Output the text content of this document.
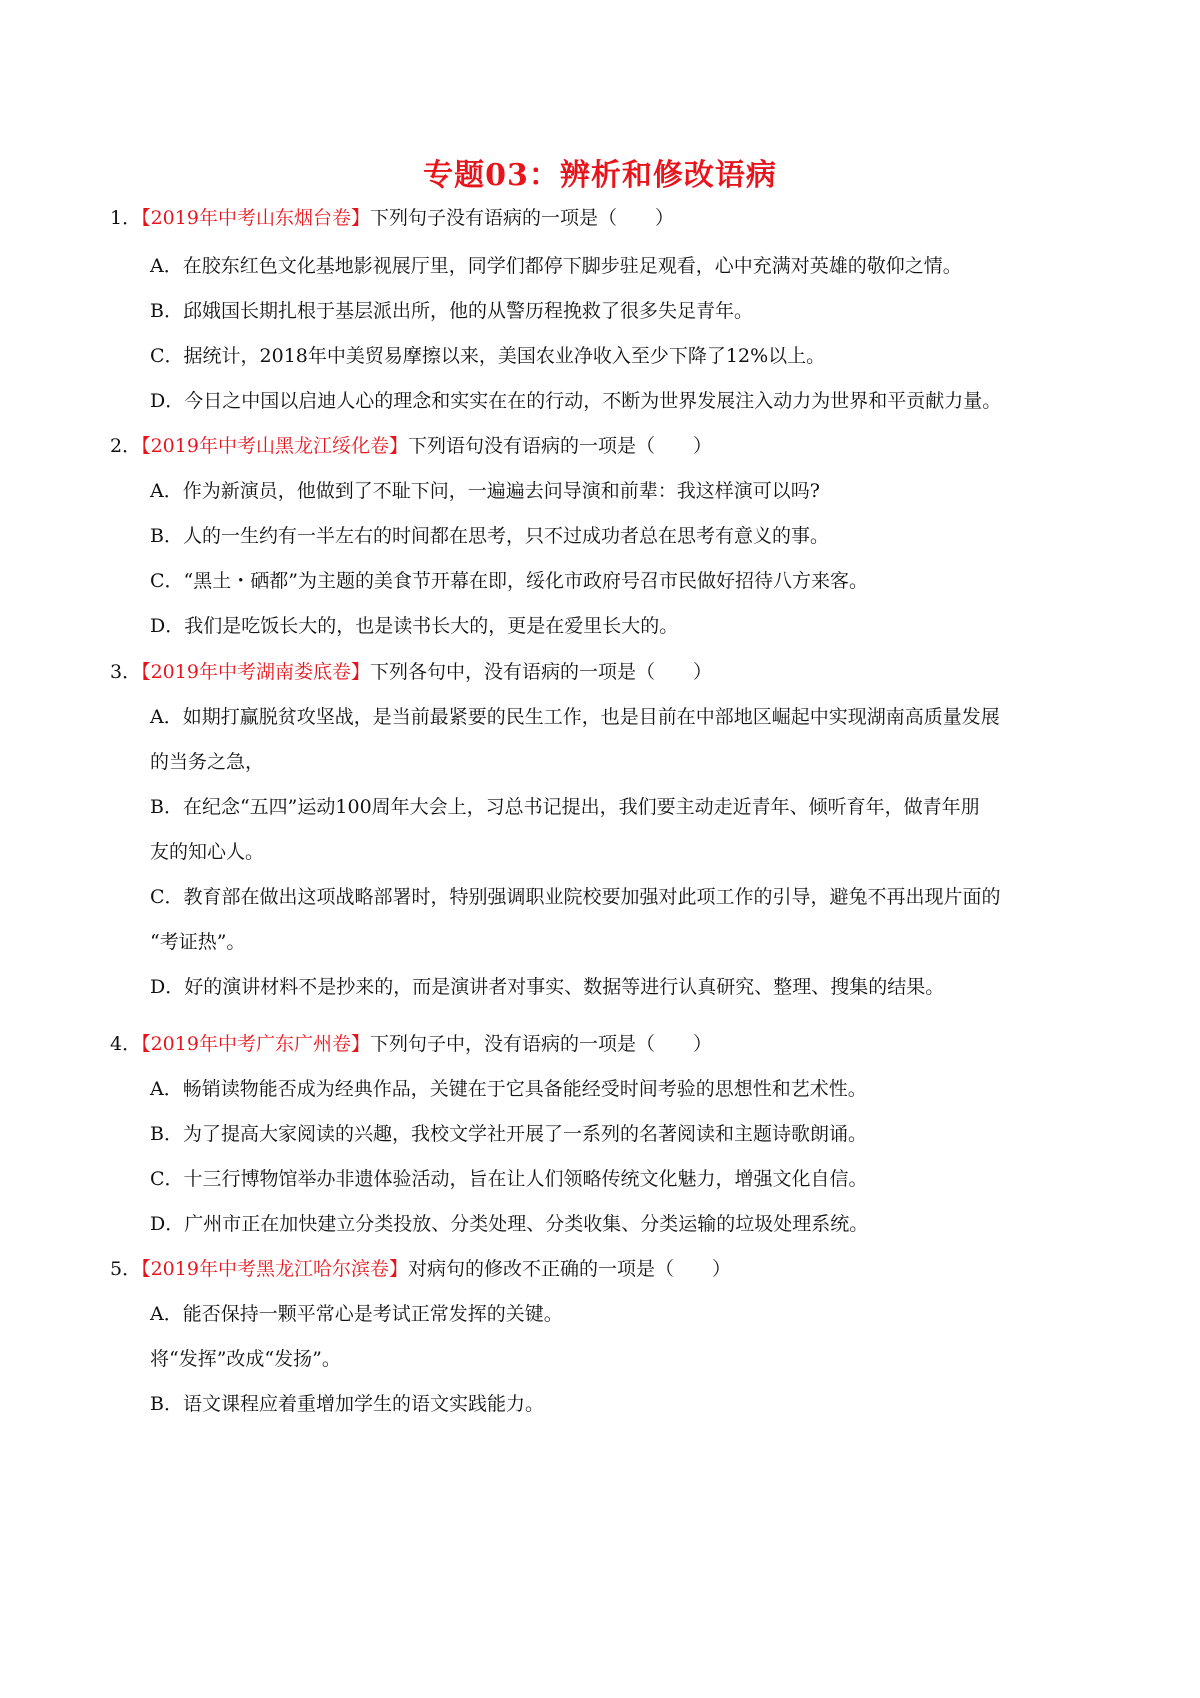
专题03：辨析和修改语病
1．【2019年中考山东烟台卷】下列句子没有语病的一项是（　　）
A．在胶东红色文化基地影视展厅里，同学们都停下脚步驻足观看，心中充满对英雄的敬仰之情。
B．邱娥国长期扎根于基层派出所，他的从警历程挽救了很多失足青年。
C．据统计，2018年中美贸易摩擦以来，美国农业净收入至少下降了12%以上。
D．今日之中国以启迪人心的理念和实实在在的行动，不断为世界发展注入动力为世界和平贡献力量。
2．【2019年中考山黑龙江绥化卷】下列语句没有语病的一项是（　　）
A．作为新演员，他做到了不耻下问，一遍遍去问导演和前辈：我这样演可以吗?
B．人的一生约有一半左右的时间都在思考，只不过成功者总在思考有意义的事。
C．“黑土・硒都”为主题的美食节开幕在即，绥化市政府号召市民做好招待八方来客。
D．我们是吃饭长大的，也是读书长大的，更是在爱里长大的。
3．【2019年中考湖南娄底卷】下列各句中，没有语病的一项是（　　）
A．如期打赢脱贫攻坚战，是当前最紧要的民生工作，也是目前在中部地区崛起中实现湖南高质量发展
的当务之急，
B．在纪念“五四”运动100周年大会上，习总书记提出，我们要主动走近青年、倾听育年，做青年朋
友的知心人。
C．教育部在做出这项战略部署时，特别强调职业院校要加强对此项工作的引导，避兔不再出现片面的
“考证热”。
D．好的演讲材料不是抄来的，而是演讲者对事实、数据等进行认真研究、整理、搜集的结果。
4．【2019年中考广东广州卷】下列句子中，没有语病的一项是（　　）
A．畅销读物能否成为经典作品，关键在于它具备能经受时间考验的思想性和艺术性。
B．为了提高大家阅读的兴趣，我校文学社开展了一系列的名著阅读和主题诗歌朗诵。
C．十三行博物馆举办非遗体验活动，旨在让人们领略传统文化魅力，增强文化自信。
D．广州市正在加快建立分类投放、分类处理、分类收集、分类运输的垃圾处理系统。
5．【2019年中考黑龙江哈尔滨卷】对病句的修改不正确的一项是（　　）
A．能否保持一颗平常心是考试正常发挥的关键。
将“发挥”改成“发扬”。
B．语文课程应着重增加学生的语文实践能力。
